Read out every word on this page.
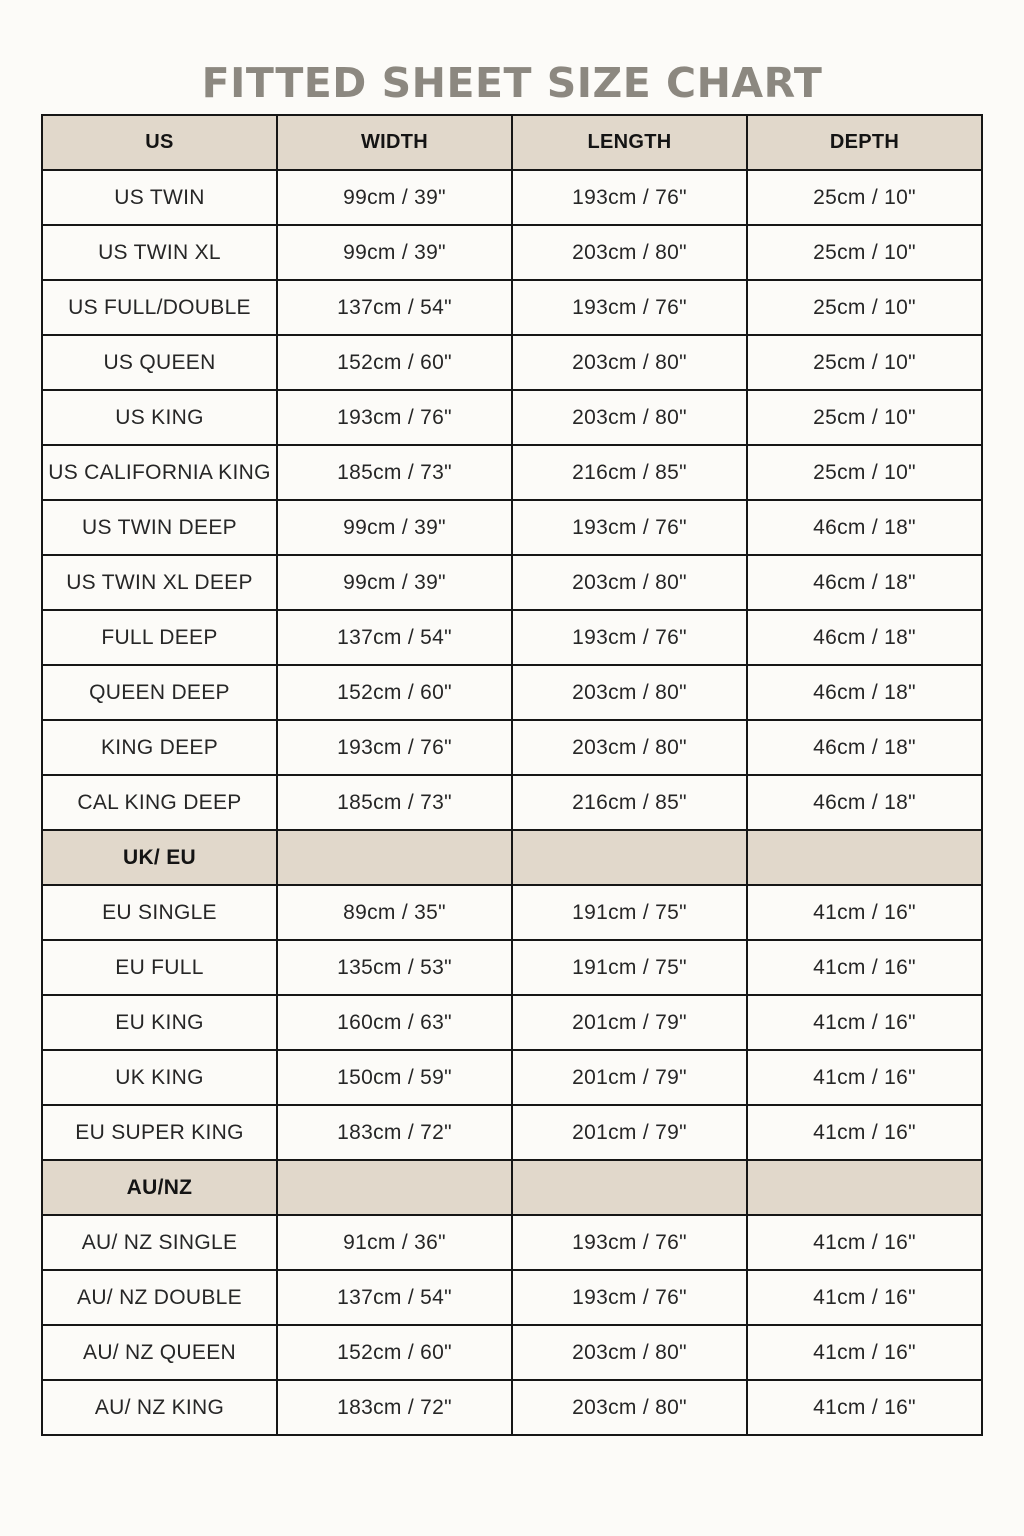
FITTED SHEET SIZE CHART
US	WIDTH	LENGTH	DEPTH
US TWIN	99cm / 39"	193cm / 76"	25cm / 10"
US TWIN XL	99cm / 39"	203cm / 80"	25cm / 10"
US FULL/DOUBLE	137cm / 54"	193cm / 76"	25cm / 10"
US QUEEN	152cm / 60"	203cm / 80"	25cm / 10"
US KING	193cm / 76"	203cm / 80"	25cm / 10"
US CALIFORNIA KING	185cm / 73"	216cm / 85"	25cm / 10"
US TWIN DEEP	99cm / 39"	193cm / 76"	46cm / 18"
US TWIN XL DEEP	99cm / 39"	203cm / 80"	46cm / 18"
FULL DEEP	137cm / 54"	193cm / 76"	46cm / 18"
QUEEN DEEP	152cm / 60"	203cm / 80"	46cm / 18"
KING DEEP	193cm / 76"	203cm / 80"	46cm / 18"
CAL KING DEEP	185cm / 73"	216cm / 85"	46cm / 18"
UK/ EU			
EU SINGLE	89cm / 35"	191cm / 75"	41cm / 16"
EU FULL	135cm / 53"	191cm / 75"	41cm / 16"
EU KING	160cm / 63"	201cm / 79"	41cm / 16"
UK KING	150cm / 59"	201cm / 79"	41cm / 16"
EU SUPER KING	183cm / 72"	201cm / 79"	41cm / 16"
AU/NZ			
AU/ NZ SINGLE	91cm / 36"	193cm / 76"	41cm / 16"
AU/ NZ DOUBLE	137cm / 54"	193cm / 76"	41cm / 16"
AU/ NZ QUEEN	152cm / 60"	203cm / 80"	41cm / 16"
AU/ NZ KING	183cm / 72"	203cm / 80"	41cm / 16"
